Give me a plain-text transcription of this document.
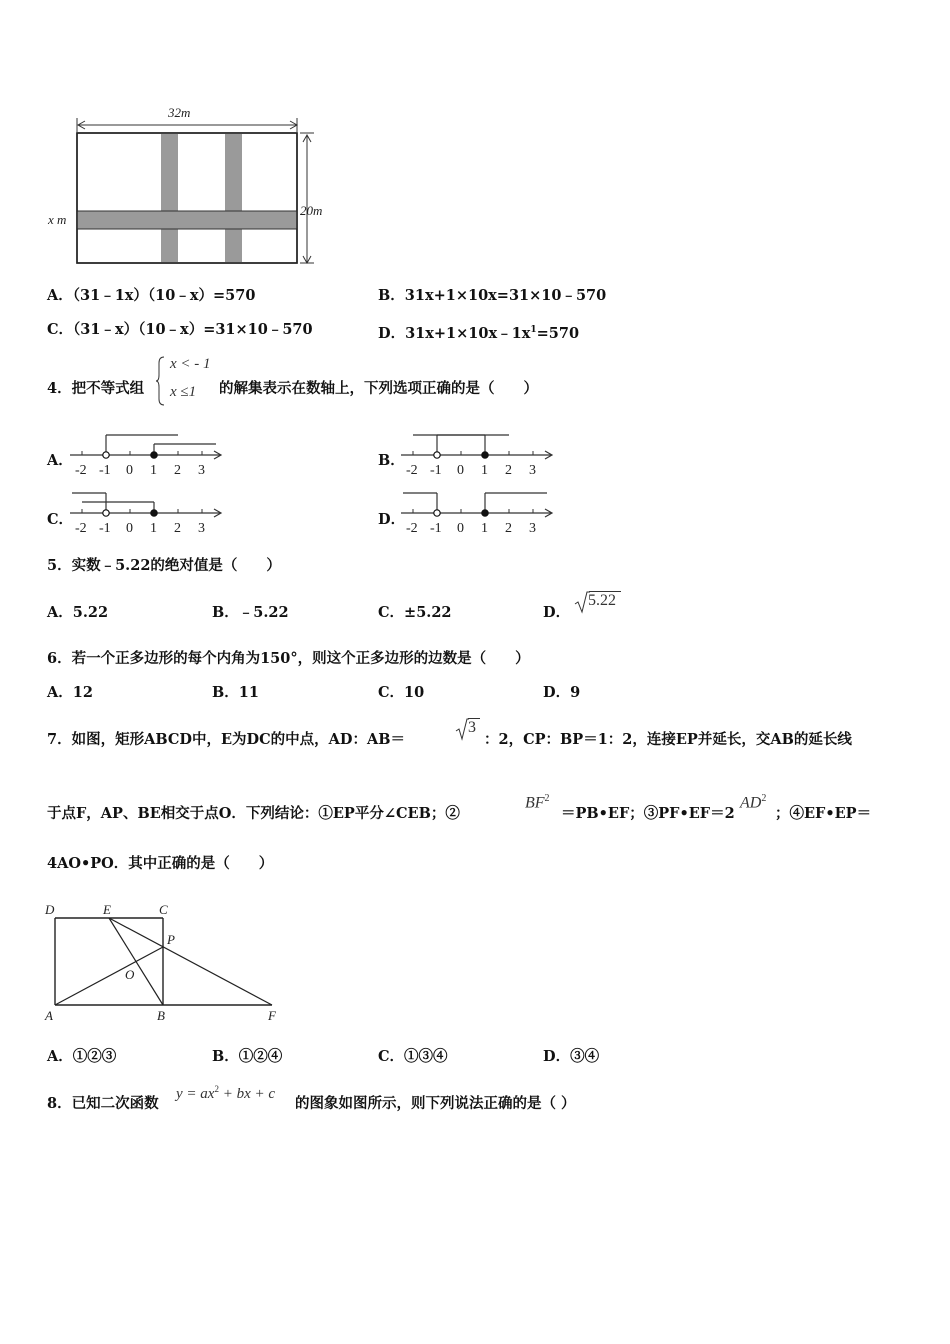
32m
20m
x m
A．（31﹣1x）（10﹣x）=570	B．31x+1×10x=31×10﹣570
C．（31﹣x）（10﹣x）=31×10﹣570	D．$31x+1\times 10x﹣1x^1=570$
4．把不等式组
x < - 1
x ≤1 的解集表示在数轴上，下列选项正确的是（　　）
A．	B．
C．	D．
-2 -1 0 1 2 3	-2 -1 0 1 2 3
-2 -1 0 1 2 3	-2 -1 0 1 2 3
5．实数﹣5.22的绝对值是（　　）
A．5.22	B．﹣5.22	C．±5.22	D．
5.22
6．若一个正多边形的每个内角为150°，则这个正多边形的边数是（　　）
A．12	B．11	C．10	D．9
7．如图，矩形ABCD中，E为DC的中点，AD：AB＝
3
：2，CP：BP＝1：2，连接EP并延长，交AB的延长线
于点F，AP、BE相交于点O．下列结论：①EP平分∠CEB；②
$BF^2$
＝PB•EF；③PF•EF＝2
$AD^2$
；④EF•EP＝
4AO•PO．其中正确的是（　　）
D	E	C
P
O
A	B	F
A．①②③	B．①②④	C．①③④	D．③④
8．已知二次函数
$y = ax^2$ + bx + c
的图象如图所示，则下列说法正确的是（ ）
